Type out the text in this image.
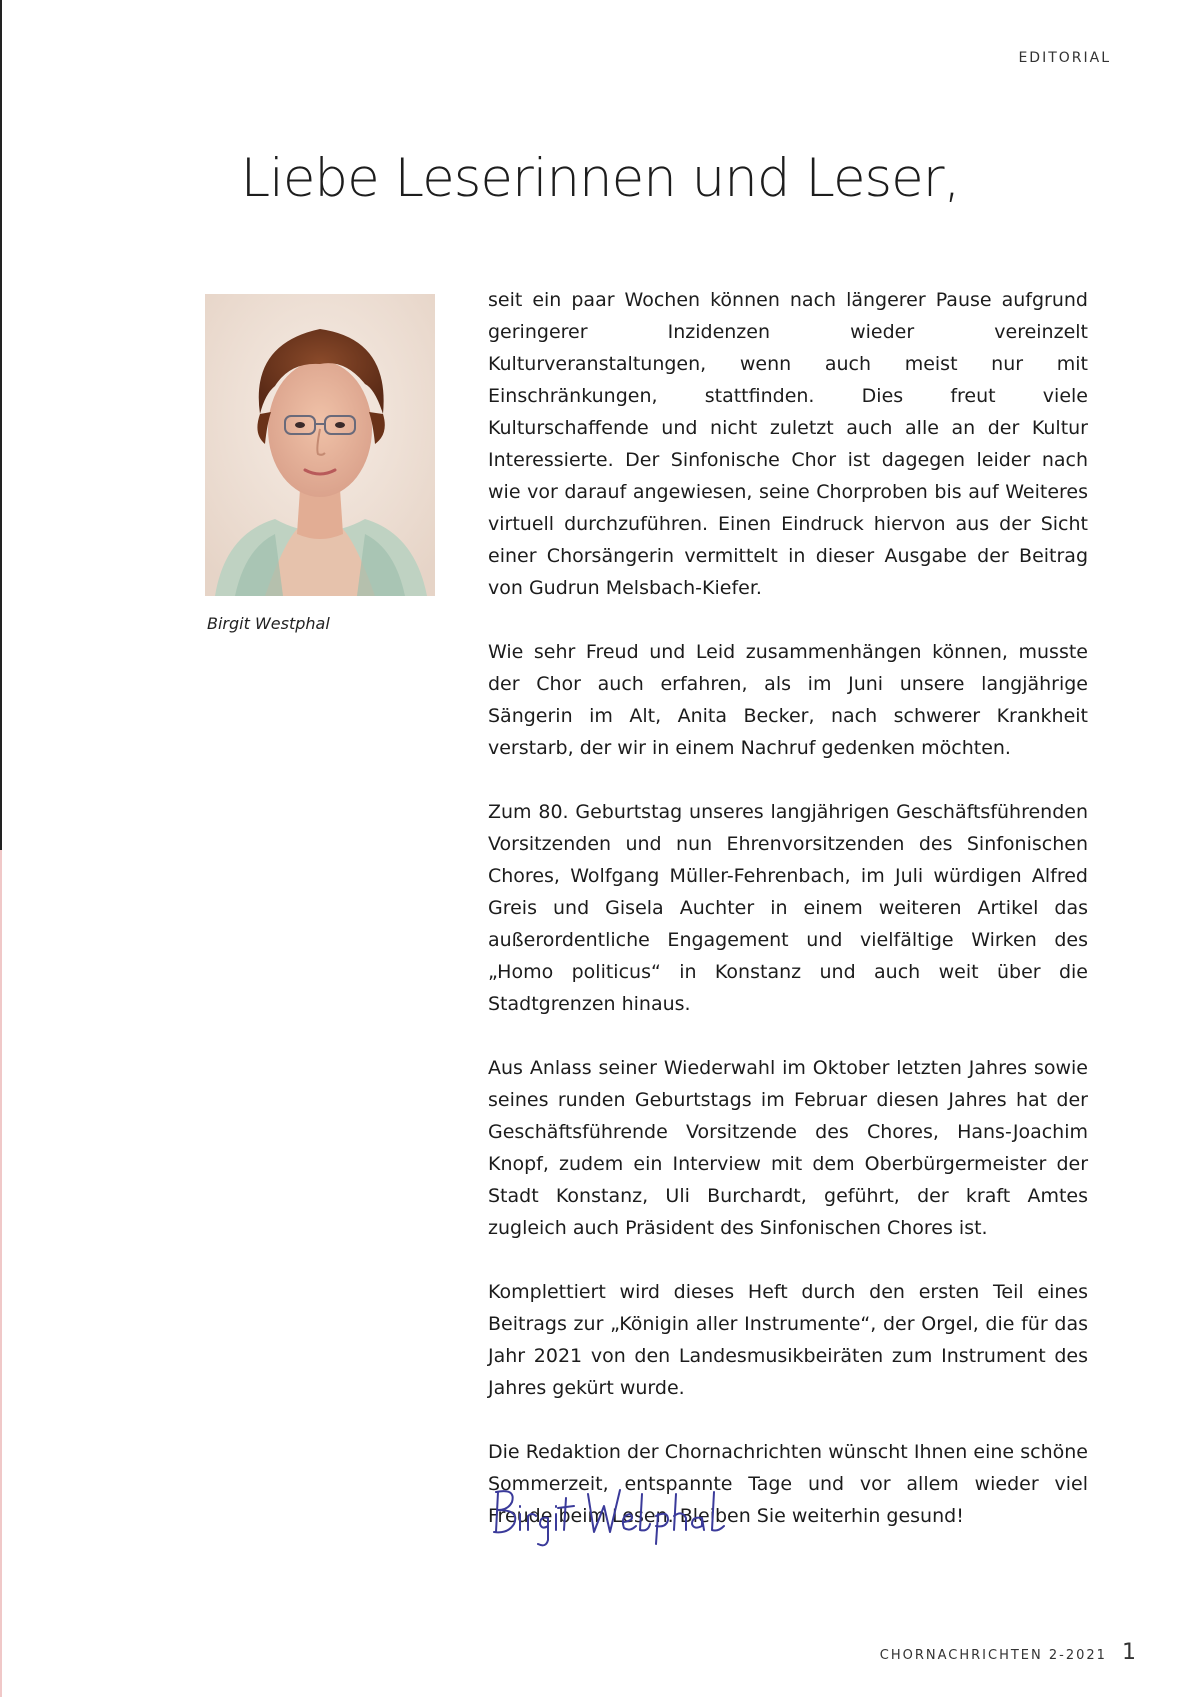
EDITORIAL
Liebe Leserinnen und Leser,
Birgit Westphal

seit ein paar Wochen können nach längerer Pause aufgrund geringerer Inzidenzen wieder vereinzelt Kulturveranstaltungen, wenn auch meist nur mit Einschränkungen, stattfinden. Dies freut viele Kulturschaffende und nicht zuletzt auch alle an der Kultur Interessierte. Der Sinfonische Chor ist dagegen leider nach wie vor darauf angewiesen, seine Chorproben bis auf Weiteres virtuell durchzuführen. Einen Eindruck hiervon aus der Sicht einer Chorsängerin vermittelt in dieser Ausgabe der Beitrag von Gudrun Melsbach-Kiefer.

Wie sehr Freud und Leid zusammenhängen können, musste der Chor auch erfahren, als im Juni unsere langjährige Sängerin im Alt, Anita Becker, nach schwerer Krankheit verstarb, der wir in einem Nachruf gedenken möchten.

Zum 80. Geburtstag unseres langjährigen Geschäftsführenden Vorsitzenden und nun Ehrenvorsitzenden des Sinfonischen Chores, Wolfgang Müller-Fehrenbach, im Juli würdigen Alfred Greis und Gisela Auchter in einem weiteren Artikel das außerordentliche Engagement und vielfältige Wirken des „Homo politicus“ in Konstanz und auch weit über die Stadtgrenzen hinaus.

Aus Anlass seiner Wiederwahl im Oktober letzten Jahres sowie seines runden Geburtstags im Februar diesen Jahres hat der Geschäftsführende Vorsitzende des Chores, Hans-Joachim Knopf, zudem ein Interview mit dem Oberbürgermeister der Stadt Konstanz, Uli Burchardt, geführt, der kraft Amtes zugleich auch Präsident des Sinfonischen Chores ist.

Komplettiert wird dieses Heft durch den ersten Teil eines Beitrags zur „Königin aller Instrumente“, der Orgel, die für das Jahr 2021 von den Landesmusikbeiräten zum Instrument des Jahres gekürt wurde.

Die Redaktion der Chornachrichten wünscht Ihnen eine schöne Sommerzeit, entspannte Tage und vor allem wieder viel Freude beim Lesen. Bleiben Sie weiterhin gesund!

CHORNACHRICHTEN 2-2021 1
